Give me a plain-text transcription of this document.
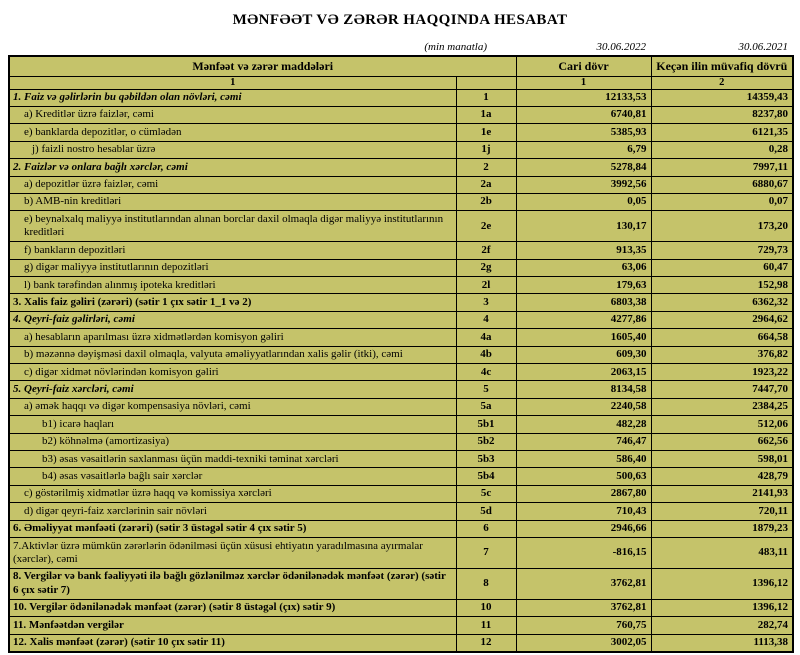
MƏNFƏƏT VƏ ZƏRƏR HAQQINDA HESABAT
(min manatla)	30.06.2022	30.06.2021
Mənfəət və zərər maddələri		Cari dövr	Keçən ilin müvafiq dövrü
1		1	2
1. Faiz və gəlirlərin bu qəbildən olan növləri, cəmi	1	12133,53	14359,43
a) Kreditlər üzrə faizlər, cəmi	1a	6740,81	8237,80
e) banklarda depozitlər, o cümlədən	1e	5385,93	6121,35
j) faizli nostro hesablar üzrə	1j	6,79	0,28
2. Faizlər və onlara bağlı xərclər, cəmi	2	5278,84	7997,11
a) depozitlər üzrə faizlər, cəmi	2a	3992,56	6880,67
b) AMB-nin kreditləri	2b	0,05	0,07
e) beynəlxalq maliyyə institutlarından alınan borclar daxil olmaqla digər maliyyə institutlarının kreditləri	2e	130,17	173,20
f) bankların depozitləri	2f	913,35	729,73
g) digər maliyyə institutlarının depozitləri	2g	63,06	60,47
l) bank tərəfindən alınmış ipoteka kreditləri	2l	179,63	152,98
3. Xalis faiz gəliri (zərəri) (sətir 1 çıx sətir 1_1 və 2)	3	6803,38	6362,32
4. Qeyri-faiz gəlirləri, cəmi	4	4277,86	2964,62
a) hesabların aparılması üzrə xidmətlərdən komisyon gəliri	4a	1605,40	664,58
b) məzənnə dəyişməsi daxil olmaqla, valyuta əməliyyatlarından xalis gəlir (itki), cəmi	4b	609,30	376,82
c) digər xidmət növlərindən komisyon gəliri	4c	2063,15	1923,22
5. Qeyri-faiz xərcləri, cəmi	5	8134,58	7447,70
a) əmək haqqı və digər kompensasiya növləri, cəmi	5a	2240,58	2384,25
b1) icarə haqları	5b1	482,28	512,06
b2) köhnəlmə (amortizasiya)	5b2	746,47	662,56
b3) əsas vəsaitlərin saxlanması üçün maddi-texniki təminat xərcləri	5b3	586,40	598,01
b4) əsas vəsaitlərlə bağlı sair xərclər	5b4	500,63	428,79
c) göstərilmiş xidmətlər üzrə haqq və komissiya xərcləri	5c	2867,80	2141,93
d) digər qeyri-faiz xərclərinin sair növləri	5d	710,43	720,11
6. Əməliyyat mənfəəti (zərəri) (sətir 3 üstəgəl sətir 4 çıx sətir 5)	6	2946,66	1879,23
7.Aktivlər üzrə mümkün zərərlərin ödənilməsi üçün xüsusi ehtiyatın yaradılmasına ayırmalar (xərclər), cəmi	7	-816,15	483,11
8. Vergilər və bank fəaliyyəti ilə bağlı gözlənilməz xərclər ödənilənədək mənfəət (zərər) (sətir 6 çıx sətir 7)	8	3762,81	1396,12
10. Vergilər ödənilənədək mənfəət (zərər) (sətir 8 üstəgəl (çıx) sətir 9)	10	3762,81	1396,12
11. Mənfəətdən vergilər	11	760,75	282,74
12. Xalis mənfəət (zərər) (sətir 10 çıx sətir 11)	12	3002,05	1113,38
